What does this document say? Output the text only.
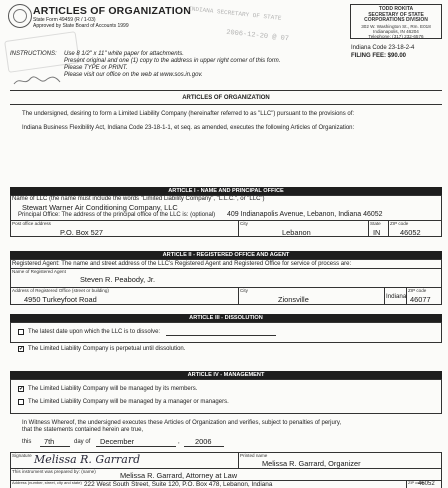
ARTICLES OF ORGANIZATION
State Form 49459 (R / 1-03)
Approved by State Board of Accounts 1999
INDIANA SECRETARY OF STATE
2006-12-20 @ 07
TODD ROKITA
SECRETARY OF STATE
CORPORATIONS DIVISION
302 W. Washington St., Rm. E018
Indianapolis, IN 46204
Telephone: (317) 232-6576
Indiana Code 23-18-2-4
FILING FEE: $90.00
INSTRUCTIONS: Use 8 1/2" x 11" white paper for attachments.
Present original and one (1) copy to the address in upper right corner of this form.
Please TYPE or PRINT.
Please visit our office on the web at www.sos.in.gov.
ARTICLES OF ORGANIZATION
The undersigned, desiring to form a Limited Liability Company (hereinafter referred to as "LLC") pursuant to the provisions of:
Indiana Business Flexibility Act, Indiana Code 23-18-1-1, et seq. as amended, executes the following Articles of Organization:
ARTICLE I - NAME AND PRINCIPAL OFFICE
Name of LLC (the name must include the words "Limited Liability Company", "L.L.C.", or "LLC")
Stewart Warner Air Conditioning Company, LLC
Principal Office: The address of the principal office of the LLC is: (optional) 409 Indianapolis Avenue, Lebanon, Indiana 46052
Post office address
P.O. Box 527
City
Lebanon
State
IN
ZIP code
46052
ARTICLE II - REGISTERED OFFICE AND AGENT
Registered Agent: The name and street address of the LLC's Registered Agent and Registered Office for service of process are:
Name of Registered Agent
Steven R. Peabody, Jr.
Address of Registered Office (street or building)
4950 Turkeyfoot Road
City
Zionsville	Indiana
ZIP code
46077
ARTICLE III - DISSOLUTION
The latest date upon which the LLC is to dissolve:
✓ The Limited Liability Company is perpetual until dissolution.
ARTICLE IV - MANAGEMENT
✓ The Limited Liability Company will be managed by its members.
The Limited Liability Company will be managed by a manager or managers.
In Witness Whereof, the undersigned executes these Articles of Organization and verifies, subject to penalties of perjury,
that the statements contained herein are true,
this 7th	day of December	, 2006
Signature Melissa R. Garrard	Printed name
Melissa R. Garrard, Organizer
This instrument was prepared by: (name)	Melissa R. Garrard, Attorney at Law
Address (number, street, city and state) 222 West South Street, Suite 120, P.O. Box 478, Lebanon, Indiana	ZIP code
46052
